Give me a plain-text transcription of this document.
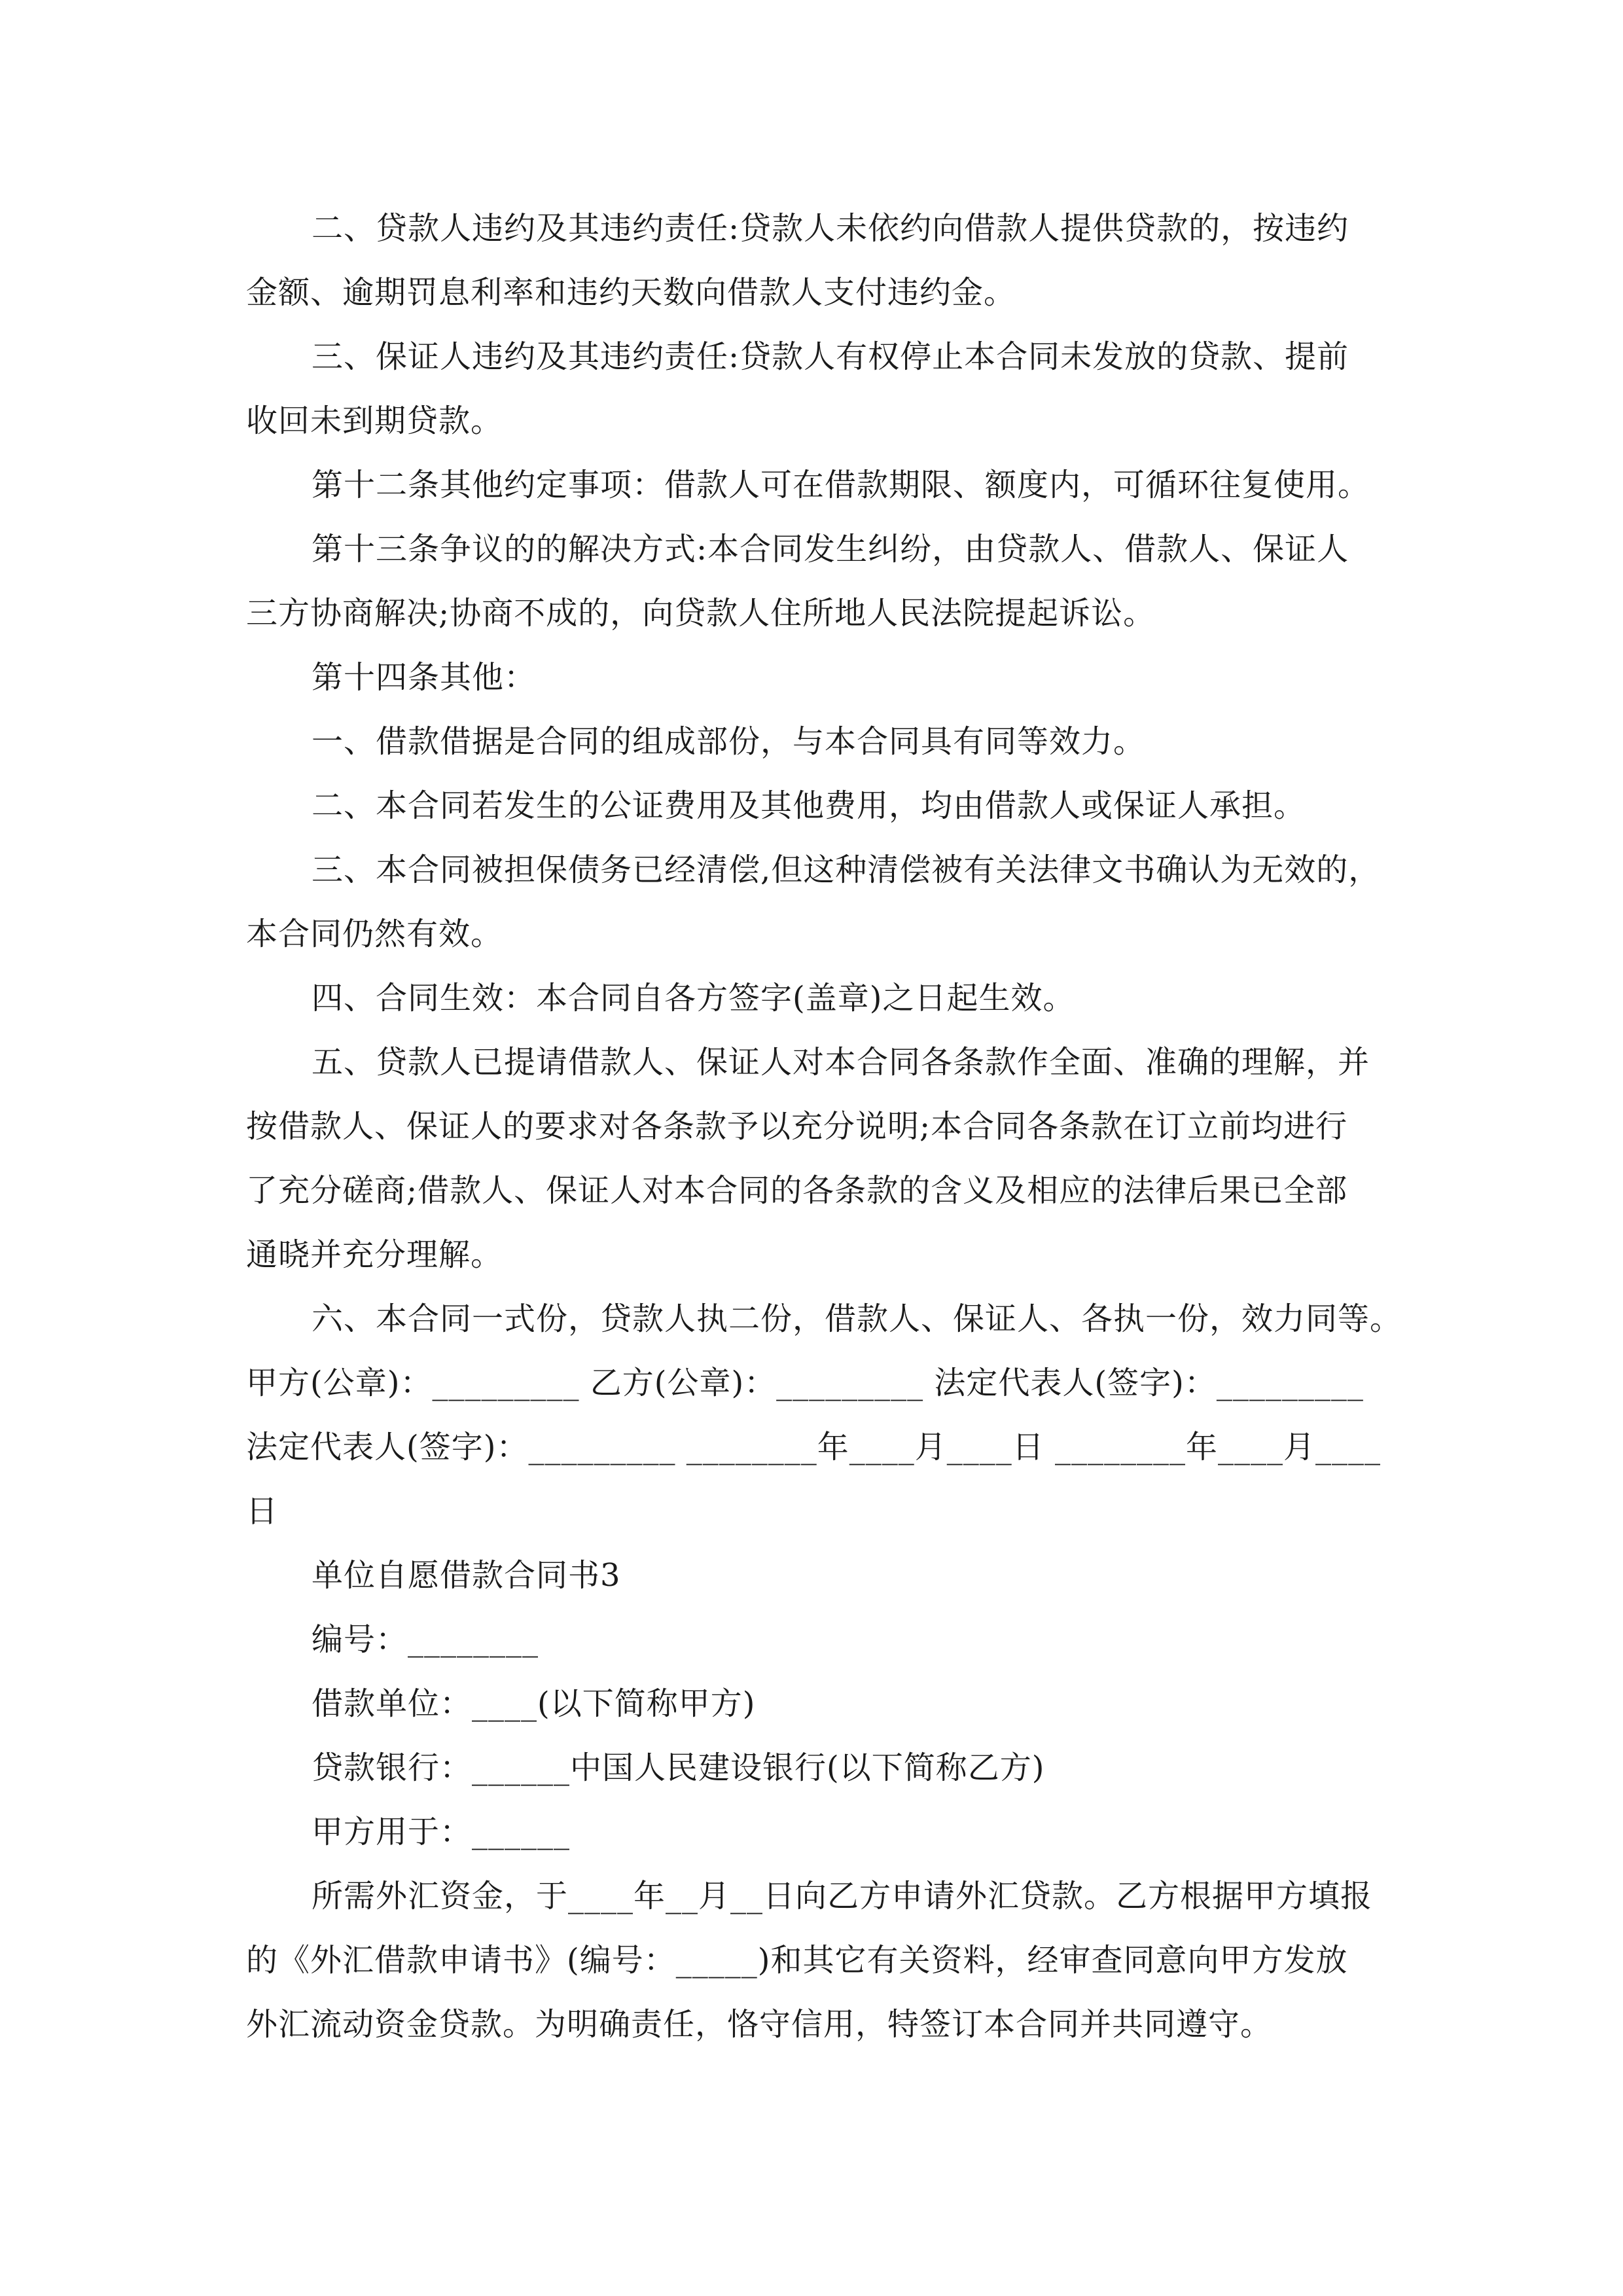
二、贷款人违约及其违约责任:贷款人未依约向借款人提供贷款的，按违约
金额、逾期罚息利率和违约天数向借款人支付违约金。
三、保证人违约及其违约责任:贷款人有权停止本合同未发放的贷款、提前
收回未到期贷款。
第十二条其他约定事项：借款人可在借款期限、额度内，可循环往复使用。
第十三条争议的的解决方式:本合同发生纠纷，由贷款人、借款人、保证人
三方协商解决;协商不成的，向贷款人住所地人民法院提起诉讼。
第十四条其他：
一、借款借据是合同的组成部份，与本合同具有同等效力。
二、本合同若发生的公证费用及其他费用，均由借款人或保证人承担。
三、本合同被担保债务已经清偿,但这种清偿被有关法律文书确认为无效的，
本合同仍然有效。
四、合同生效：本合同自各方签字(盖章)之日起生效。
五、贷款人已提请借款人、保证人对本合同各条款作全面、准确的理解，并
按借款人、保证人的要求对各条款予以充分说明;本合同各条款在订立前均进行
了充分磋商;借款人、保证人对本合同的各条款的含义及相应的法律后果已全部
通晓并充分理解。
六、本合同一式份，贷款人执二份，借款人、保证人、各执一份，效力同等。
甲方(公章)：_________ 乙方(公章)：_________ 法定代表人(签字)：_________
法定代表人(签字)：_________ ________年____月____日 ________年____月____
日
单位自愿借款合同书3
编号：________
借款单位：____(以下简称甲方)
贷款银行：______中国人民建设银行(以下简称乙方)
甲方用于：______
所需外汇资金，于____年__月__日向乙方申请外汇贷款。乙方根据甲方填报
的《外汇借款申请书》(编号：_____)和其它有关资料，经审查同意向甲方发放
外汇流动资金贷款。为明确责任，恪守信用，特签订本合同并共同遵守。
